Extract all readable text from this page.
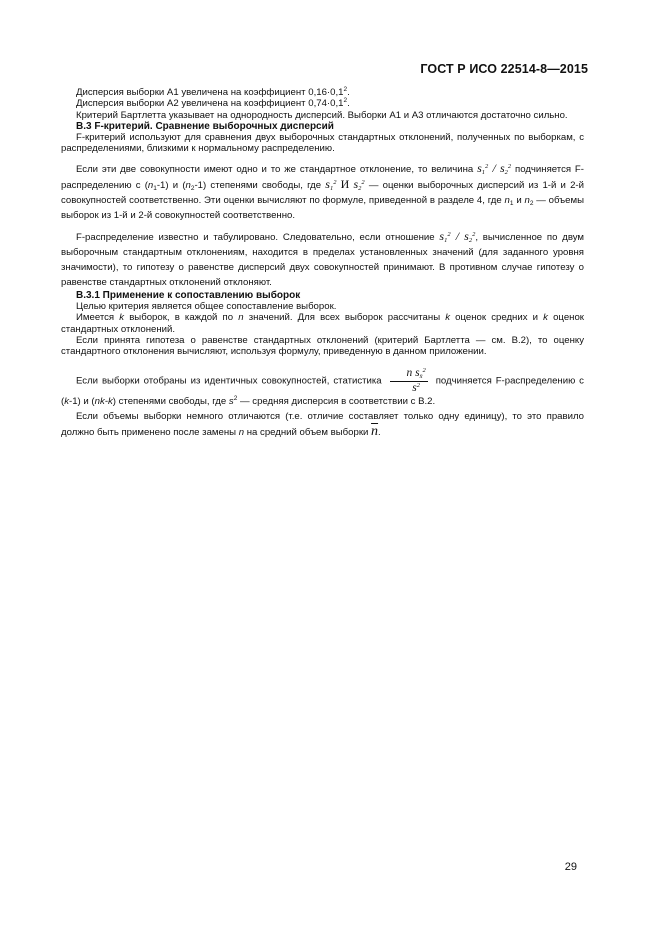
ГОСТ Р ИСО 22514-8—2015

Дисперсия выборки А1 увеличена на коэффициент $0,16\cdot 0,1^2$.

Дисперсия выборки А2 увеличена на коэффициент $0,74\cdot 0,1^2$.

Критерий Бартлетта указывает на однородность дисперсий. Выборки А1 и А3 отличаются достаточно сильно.

В.3 F-критерий. Сравнение выборочных дисперсий

F-критерий используют для сравнения двух выборочных стандартных отклонений, полученных по выборкам, с распределениями, близкими к нормальному распределению.

Если эти две совокупности имеют одно и то же стандартное отклонение, то величина $s_1^2 / s_2^2$ подчиняется F-распределению с $(n_1-1)$ и $(n_2-1)$ степенями свободы, где $s_1^2$ И $s_2^2$ — оценки выборочных дисперсий из 1-й и 2-й совокупностей соответственно. Эти оценки вычисляют по формуле, приведенной в разделе 4, где $n_1$ и $n_2$ — объемы выборок из 1-й и 2-й совокупностей соответственно.

F-распределение известно и табулировано. Следовательно, если отношение $s_1^2 / s_2^2$, вычисленное по двум выборочным стандартным отклонениям, находится в пределах установленных значений (для заданного уровня значимости), то гипотезу о равенстве дисперсий двух совокупностей принимают. В противном случае гипотезу о равенстве стандартных отклонений отклоняют.

В.3.1 Применение к сопоставлению выборок

Целью критерия является общее сопоставление выборок.

Имеется k выборок, в каждой по n значений. Для всех выборок рассчитаны k оценок средних и k оценок стандартных отклонений.

Если принята гипотеза о равенстве стандартных отклонений (критерий Бартлетта — см. В.2), то оценку стандартного отклонения вычисляют, используя формулу, приведенную в данном приложении.

Если выборки отобраны из идентичных совокупностей, статистика $\frac{n s_{x̄}^2}{s^2}$ подчиняется F-распределению с (k-1) и (nk-k) степенями свободы, где $s^2$ — средняя дисперсия в соответствии с В.2.

Если объемы выборки немного отличаются (т.е. отличие составляет только одну единицу), то это правило должно быть применено после замены n на средний объем выборки $\overline{n}$.

29
